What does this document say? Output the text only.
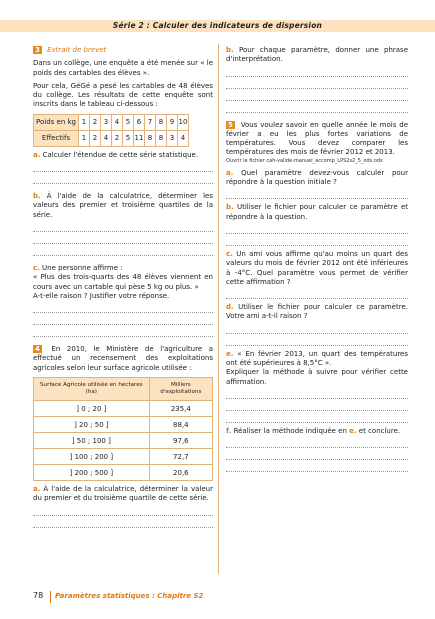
Série 2 : Calculer des indicateurs de dispersion

3 Extrait de brevet

Dans un collège, une enquête a été menée sur « le poids des cartables des élèves ».

Pour cela, GéGé a pesé les cartables de 48 élèves du collège. Les résultats de cette enquête sont inscrits dans le tableau ci-dessous :

Poids en kg	1	2	3	4	5	6	7	8	9	10
Effectifs	1	2	4	2	5	11	8	8	3	4

a. Calculer l'étendue de cette série statistique.

b. À l'aide de la calculatrice, déterminer les valeurs des premier et troisième quartiles de la série.

c. Une personne affirme :

« Plus des trois-quarts des 48 élèves viennent en cours avec un cartable qui pèse 5 kg ou plus. »

A-t-elle raison ? Justifier votre réponse.

4 En 2010, le Ministère de l'agriculture a effectué un recensement des exploitations agricoles selon leur surface agricole utilisée :

Surface Agricole utilisée en hectares (ha)	Milliers d'exploitations
] 0 ; 20 ]	235,4
] 20 ; 50 ]	88,4
] 50 ; 100 ]	97,6
] 100 ; 200 ]	72,7
] 200 ; 500 ]	20,6

a. À l'aide de la calculatrice, déterminer la valeur du premier et du troisième quartile de cette série.

b. Pour chaque paramètre, donner une phrase d'interprétation.

5 Vous voulez savoir en quelle année le mois de février a eu les plus fortes variations de températures. Vous devez comparer les températures des mois de février 2012 et 2013.

Ouvrir le fichier cah-valide-manuel_accomp_LPS2s2_5_ods.ods

a. Quel paramètre devez-vous calculer pour répondre à la question initiale ?

b. Utiliser le fichier pour calculer ce paramètre et répondre à la question.

c. Un ami vous affirme qu'au moins un quart des valeurs du mois de février 2012 ont été inférieures à -4°C. Quel paramètre vous permet de vérifier cette affirmation ?

d. Utiliser le fichier pour calculer ce paramètre. Votre ami a-t-il raison ?

e. « En février 2013, un quart des températures ont été supérieures à 8,5°C ».

Expliquer la méthode à suivre pour vérifier cette affirmation.

f. Réaliser la méthode indiquée en e. et conclure.

78 Paramètres statistiques : Chapitre S2
